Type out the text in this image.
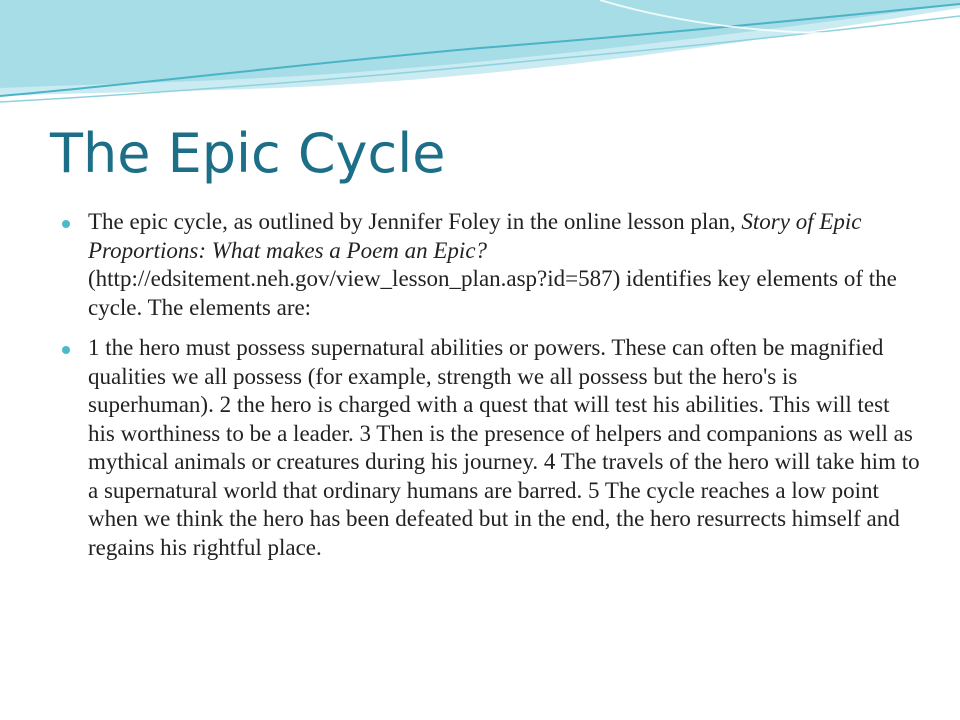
The Epic Cycle
The epic cycle, as outlined by Jennifer Foley in the online lesson plan, Story of Epic Proportions: What makes a Poem an Epic? (http://edsitement.neh.gov/view_lesson_plan.asp?id=587) identifies key elements of the cycle. The elements are:
1 the hero must possess supernatural abilities or powers. These can often be magnified qualities we all possess (for example, strength we all possess but the hero's is superhuman). 2 the hero is charged with a quest that will test his abilities. This will test his worthiness to be a leader. 3 Then is the presence of helpers and companions as well as mythical animals or creatures during his journey. 4 The travels of the hero will take him to a supernatural world that ordinary humans are barred. 5 The cycle reaches a low point when we think the hero has been defeated but in the end, the hero resurrects himself and regains his rightful place.
